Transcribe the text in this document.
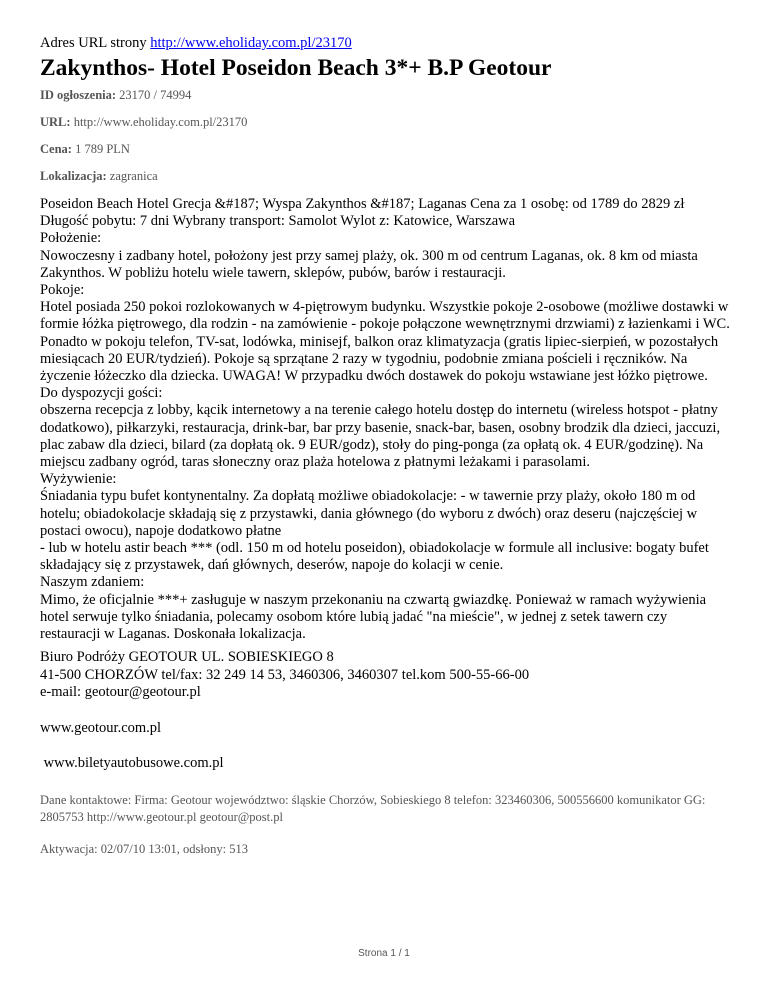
Adres URL strony http://www.eholiday.com.pl/23170
Zakynthos- Hotel Poseidon Beach 3*+ B.P Geotour
ID ogłoszenia: 23170 / 74994
URL: http://www.eholiday.com.pl/23170
Cena: 1 789 PLN
Lokalizacja: zagranica

Poseidon Beach Hotel Grecja &#187; Wyspa Zakynthos &#187; Laganas Cena za 1 osobę: od 1789 do 2829 zł Długość pobytu: 7 dni Wybrany transport: Samolot Wylot z: Katowice, Warszawa

Położenie:

Nowoczesny i zadbany hotel, położony jest przy samej plaży, ok. 300 m od centrum Laganas, ok. 8 km od miasta Zakynthos. W pobliżu hotelu wiele tawern, sklepów, pubów, barów i restauracji.

Pokoje:

Hotel posiada 250 pokoi rozlokowanych w 4-piętrowym budynku. Wszystkie pokoje 2-osobowe (możliwe dostawki w formie łóżka piętrowego, dla rodzin - na zamówienie - pokoje połączone wewnętrznymi drzwiami) z łazienkami i WC. Ponadto w pokoju telefon, TV-sat, lodówka, minisejf, balkon oraz klimatyzacja (gratis lipiec-sierpień, w pozostałych miesiącach 20 EUR/tydzień). Pokoje są sprzątane 2 razy w tygodniu, podobnie zmiana pościeli i ręczników. Na życzenie łóżeczko dla dziecka. UWAGA! W przypadku dwóch dostawek do pokoju wstawiane jest łóżko piętrowe.

Do dyspozycji gości:

obszerna recepcja z lobby, kącik internetowy a na terenie całego hotelu dostęp do internetu (wireless hotspot - płatny dodatkowo), piłkarzyki, restauracja, drink-bar, bar przy basenie, snack-bar, basen, osobny brodzik dla dzieci, jaccuzi, plac zabaw dla dzieci, bilard (za dopłatą ok. 9 EUR/godz), stoły do ping-ponga (za opłatą ok. 4 EUR/godzinę). Na miejscu zadbany ogród, taras słoneczny oraz plaża hotelowa z płatnymi leżakami i parasolami.

Wyżywienie:

Śniadania typu bufet kontynentalny. Za dopłatą możliwe obiadokolacje: - w tawernie przy plaży, około 180 m od hotelu; obiadokolacje składają się z przystawki, dania głównego (do wyboru z dwóch) oraz deseru (najczęściej w postaci owocu), napoje dodatkowo płatne

- lub w hotelu astir beach *** (odl. 150 m od hotelu poseidon), obiadokolacje w formule all inclusive: bogaty bufet składający się z przystawek, dań głównych, deserów, napoje do kolacji w cenie.

Naszym zdaniem:

Mimo, że oficjalnie ***+ zasługuje w naszym przekonaniu na czwartą gwiazdkę. Ponieważ w ramach wyżywienia hotel serwuje tylko śniadania, polecamy osobom które lubią jadać "na mieście", w jednej z setek tawern czy restauracji w Laganas. Doskonała lokalizacja.

Biuro Podróży GEOTOUR UL. SOBIESKIEGO 8

41-500 CHORZÓW tel/fax: 32 249 14 53, 3460306, 3460307 tel.kom 500-55-66-00

e-mail: geotour@geotour.pl

www.geotour.com.pl
www.biletyautobusowe.com.pl
Dane kontaktowe: Firma: Geotour województwo: śląskie Chorzów, Sobieskiego 8 telefon: 323460306, 500556600 komunikator GG: 2805753 http://www.geotour.pl geotour@post.pl
Aktywacja: 02/07/10 13:01, odsłony: 513
Strona 1 / 1
